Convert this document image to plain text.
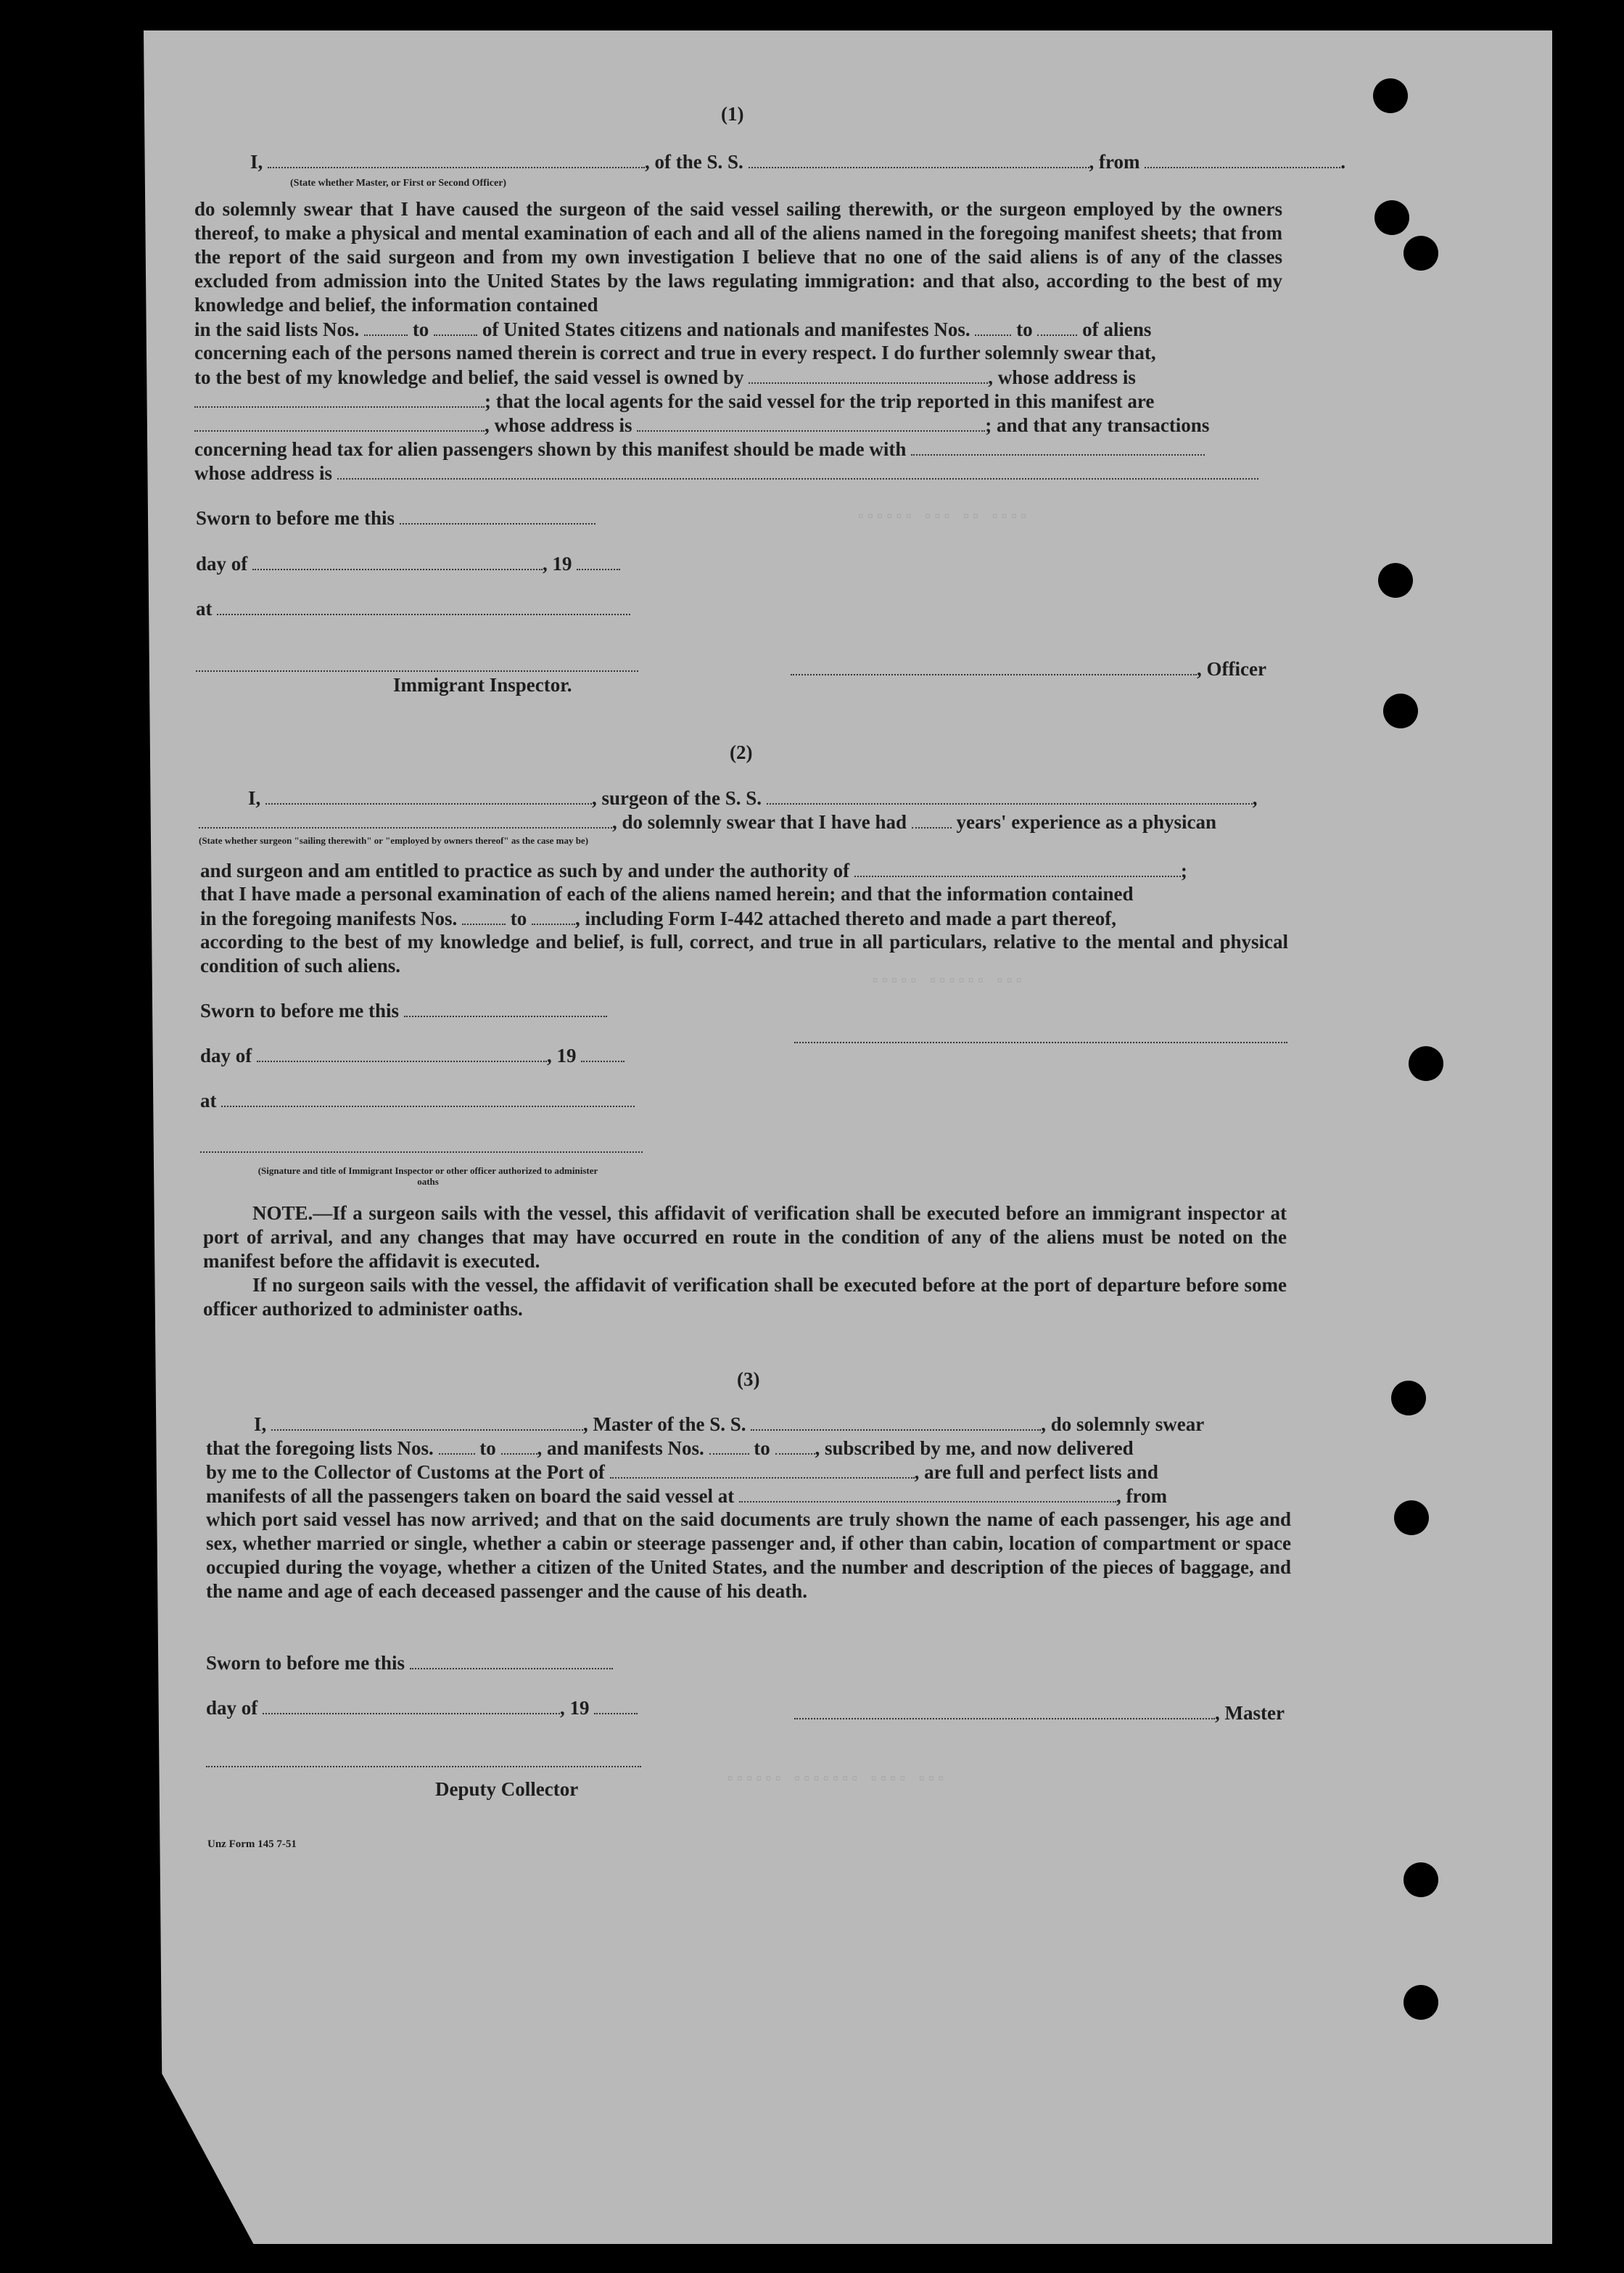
▫▫▫▫▫▫ ▫▫▫ ▫▫ ▫▫▫▫
▫▫▫▫▫ ▫▫▫▫▫▫ ▫▫▫
▫▫▫▫▫▫ ▫▫▫▫▫▫▫ ▫▫▫▫ ▫▫▫
(1)
I,	, of the S. S.	, from	.
(State whether Master, or First or Second Officer)

do solemnly swear that I have caused the surgeon of the said vessel sailing therewith, or the surgeon employed by the owners thereof, to make a physical and mental examination of each and all of the aliens named in the foregoing manifest sheets; that from the report of the said surgeon and from my own investigation I believe that no one of the said aliens is of any of the classes excluded from admission into the United States by the laws regulating immigration: and that also, according to the best of my knowledge and belief, the information contained

in the said lists Nos.	to	of United States citizens and nationals and manifestes Nos. to	of aliens
concerning each of the persons named therein is correct and true in every respect. I do further solemnly swear that,
to the best of my knowledge and belief, the said vessel is owned by	, whose address is
; that the local agents for the said vessel for the trip reported in this manifest are
, whose address is	; and that any transactions
concerning head tax for alien passengers shown by this manifest should be made with
whose address is
Sworn to before me this
day of	, 19
at
, Officer
Immigrant Inspector.
(2)
I,	, surgeon of the S. S.	,
, do solemnly swear that I have had	years' experience as a physican
(State whether surgeon "sailing therewith" or "employed by owners thereof" as the case may be)
and surgeon and am entitled to practice as such by and under the authority of	;
that I have made a personal examination of each of the aliens named herein; and that the information contained
in the foregoing manifests Nos.	to , including Form I-442 attached thereto and made a part thereof,

according to the best of my knowledge and belief, is full, correct, and true in all particulars, relative to the mental and physical condition of such aliens.

Sworn to before me this
day of	, 19
at
(Signature and title of Immigrant Inspector or other officer authorized to administer oaths

NOTE.—If a surgeon sails with the vessel, this affidavit of verification shall be executed before an immigrant inspector at port of arrival, and any changes that may have occurred en route in the condition of any of the aliens must be noted on the manifest before the affidavit is executed.

If no surgeon sails with the vessel, the affidavit of verification shall be executed before at the port of departure before some officer authorized to administer oaths.

(3)
I,	, Master of the S. S.	, do solemnly swear
that the foregoing lists Nos. to , and manifests Nos.	to , subscribed by me, and now delivered
by me to the Collector of Customs at the Port of	, are full and perfect lists and
manifests of all the passengers taken on board the said vessel at	, from

which port said vessel has now arrived; and that on the said documents are truly shown the name of each passenger, his age and sex, whether married or single, whether a cabin or steerage passenger and, if other than cabin, location of compartment or space occupied during the voyage, whether a citizen of the United States, and the number and description of the pieces of baggage, and the name and age of each deceased passenger and the cause of his death.

Sworn to before me this
day of	, 19	, Master
Deputy Collector
Unz Form 145 7-51
